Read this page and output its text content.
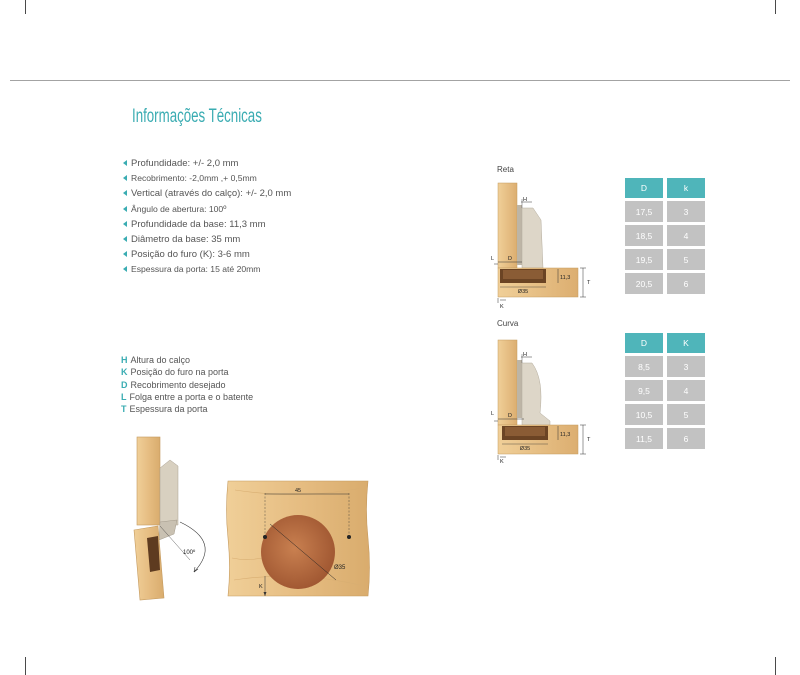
Informações Técnicas
Profundidade: +/- 2,0 mm
Recobrimento: -2,0mm ,+ 0,5mm
Vertical (através do calço): +/- 2,0 mm
Ângulo de abertura: 100º
Profundidade da base: 11,3 mm
Diâmetro da base: 35 mm
Posição do furo (K): 3-6 mm
Espessura da porta: 15 até 20mm
H Altura do calço
K Posição do furo na porta
D Recobrimento desejado
L Folga entre a porta e o batente
T Espessura da porta
100º
45
Ø35
K
Reta
H
D
L
Ø35
11,3
T
K
D	k
17,5	3
18,5	4
19,5	5
20,5	6
Curva
H
D
L
Ø35
11,3
T
K
D	K
8,5	3
9,5	4
10,5	5
11,5	6
